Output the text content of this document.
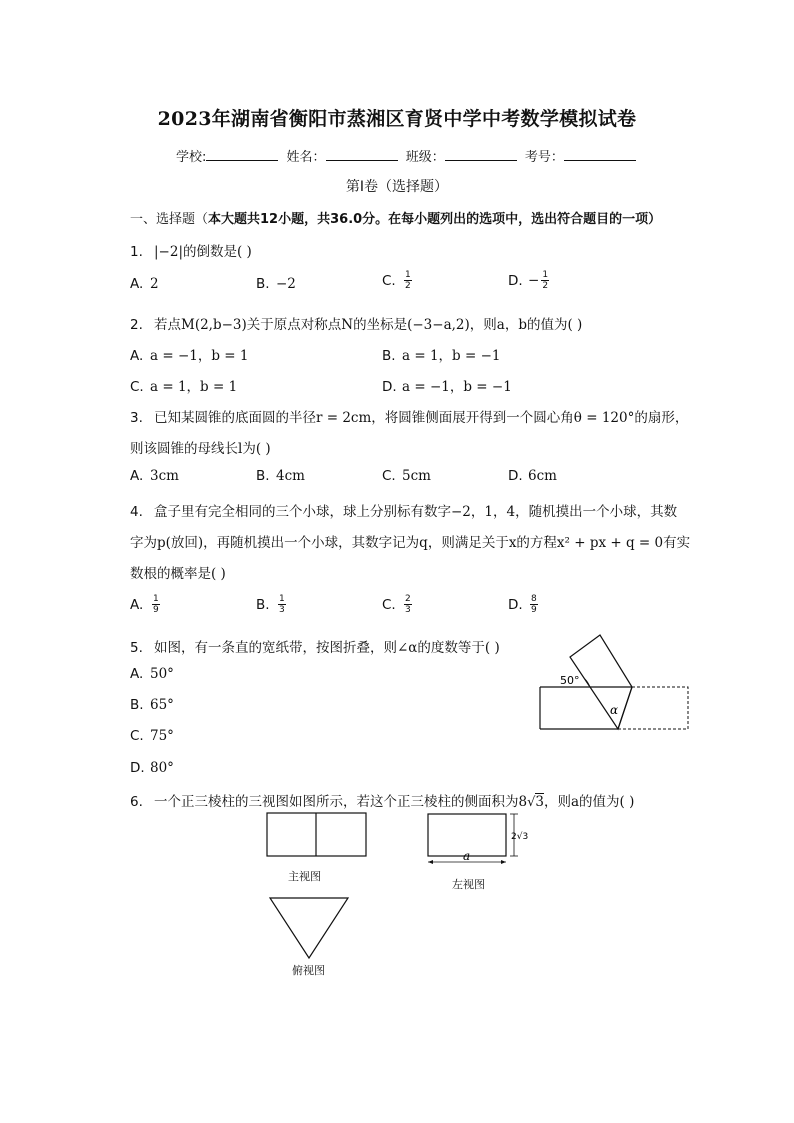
2023年湖南省衡阳市蒸湘区育贤中学中考数学模拟试卷
学校:	姓名：	班级：	考号：
第I卷（选择题）
一、选择题（本大题共12小题，共36.0分。在每小题列出的选项中，选出符合题目的一项）
1. |−2|的倒数是( )
A. 2	B. −2	C. $\frac{1}{2}$	D. − $\frac{1}{2}$
2. 若点M(2,b−3)关于原点对称点N的坐标是(−3−a,2)，则a，b的值为( )
A. a = −1，b = 1	B. a = 1，b = −1
C. a = 1，b = 1	D. a = −1，b = −1
3. 已知某圆锥的底面圆的半径r = 2cm，将圆锥侧面展开得到一个圆心角θ = 120°的扇形，
则该圆锥的母线长l为( )
A. 3cm	B. 4cm	C. 5cm	D. 6cm
4. 盒子里有完全相同的三个小球，球上分别标有数字−2，1，4，随机摸出一个小球，其数
字为p(放回)，再随机摸出一个小球，其数字记为q，则满足关于x的方程x² + px + q = 0有实
数根的概率是( )
A. $\frac{1}{9}$	B. $\frac{1}{3}$	C. $\frac{2}{3}$	D. $\frac{8}{9}$
5. 如图，有一条直的宽纸带，按图折叠，则∠α的度数等于( )
A. 50°
B. 65°
C. 75°
D. 80°
50°
α
6. 一个正三棱柱的三视图如图所示，若这个正三棱柱的侧面积为8√3，则a的值为( )
主视图
2√3
a
左视图
俯视图
